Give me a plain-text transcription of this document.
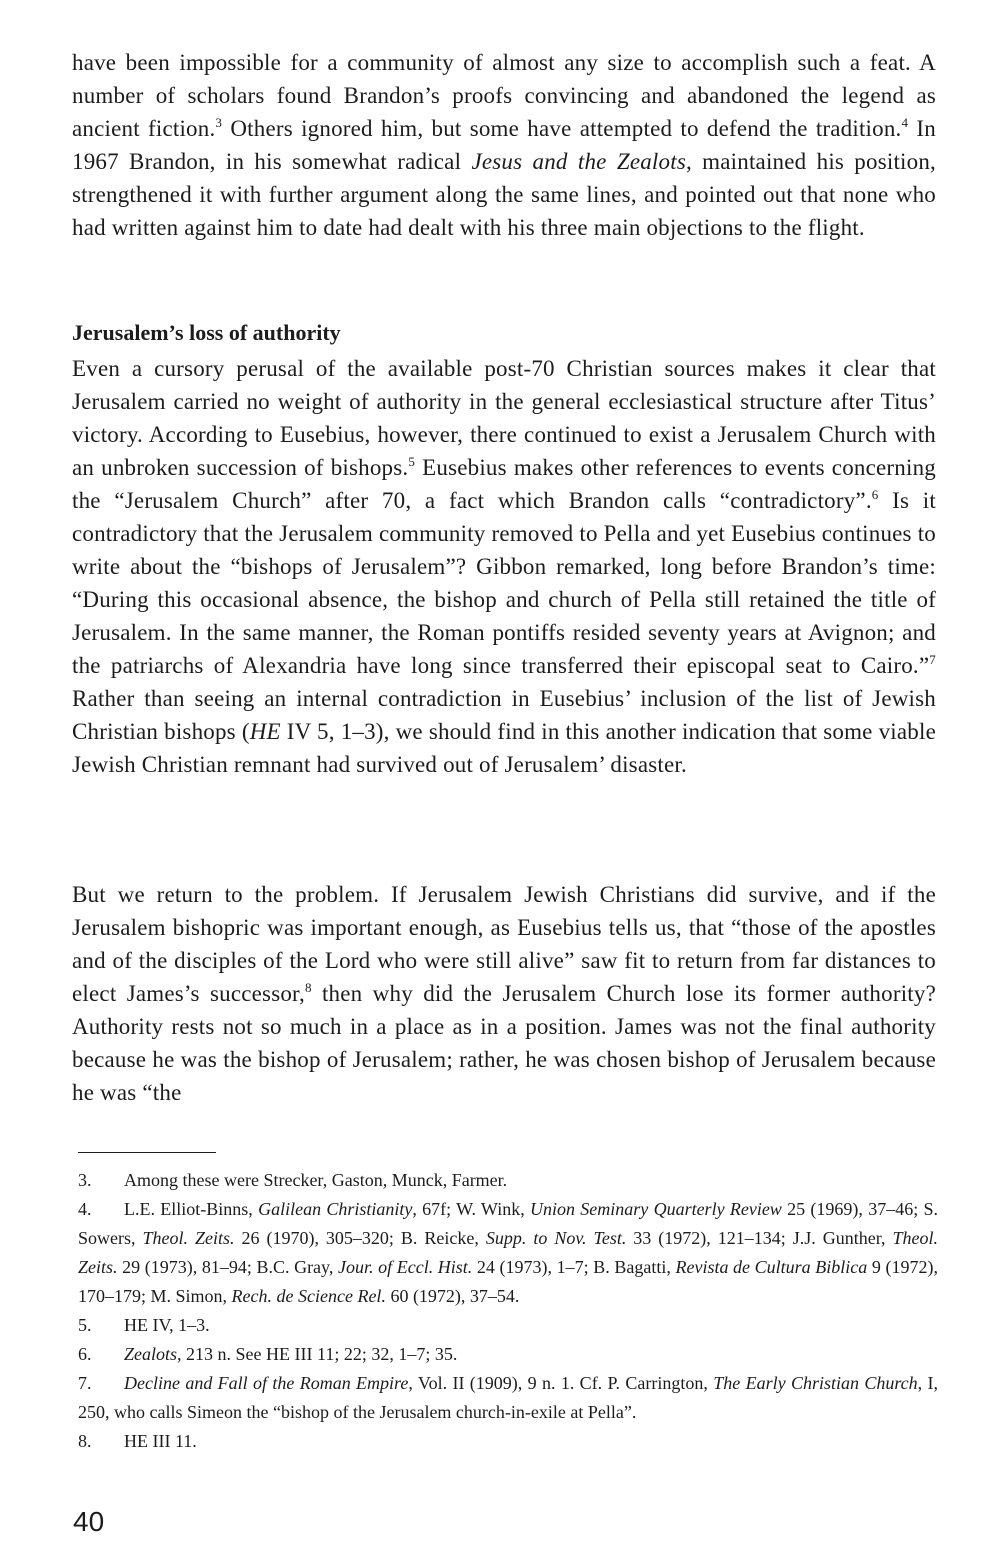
have been impossible for a community of almost any size to accomplish such a feat. A number of scholars found Brandon’s proofs convincing and abandoned the legend as ancient fiction.$^3$ Others ignored him, but some have attempted to defend the tradition.$^4$ In 1967 Brandon, in his somewhat radical Jesus and the Zealots, maintained his position, strengthened it with further argument along the same lines, and pointed out that none who had written against him to date had dealt with his three main objections to the flight.

Jerusalem’s loss of authority

Even a cursory perusal of the available post-70 Christian sources makes it clear that Jerusalem carried no weight of authority in the general ecclesiastical structure after Titus’ victory. According to Eusebius, however, there continued to exist a Jerusalem Church with an unbroken succession of bishops.$^5$ Eusebius makes other references to events concerning the “Jerusalem Church” after 70, a fact which Brandon calls “contradictory”.$^6$ Is it contradictory that the Jerusalem community removed to Pella and yet Eusebius continues to write about the “bishops of Jerusalem”? Gibbon remarked, long before Brandon’s time: “During this occasional absence, the bishop and church of Pella still retained the title of Jerusalem. In the same manner, the Roman pontiffs resided seventy years at Avignon; and the patriarchs of Alexandria have long since transferred their episcopal seat to Cairo.”$^7$ Rather than seeing an internal contradiction in Eusebius’ inclusion of the list of Jewish Christian bishops (HE IV 5, 1–3), we should find in this another indication that some viable Jewish Christian remnant had survived out of Jerusalem’ disaster.

But we return to the problem. If Jerusalem Jewish Christians did survive, and if the Jerusalem bishopric was important enough, as Eusebius tells us, that “those of the apostles and of the disciples of the Lord who were still alive” saw fit to return from far distances to elect James’s successor,$^8$ then why did the Jerusalem Church lose its former authority? Authority rests not so much in a place as in a position. James was not the final authority because he was the bishop of Jerusalem; rather, he was chosen bishop of Jerusalem because he was “the

3. Among these were Strecker, Gaston, Munck, Farmer.

4. L.E. Elliot-Binns, Galilean Christianity, 67f; W. Wink, Union Seminary Quarterly Review 25 (1969), 37–46; S. Sowers, Theol. Zeits. 26 (1970), 305–320; B. Reicke, Supp. to Nov. Test. 33 (1972), 121–134; J.J. Gunther, Theol. Zeits. 29 (1973), 81–94; B.C. Gray, Jour. of Eccl. Hist. 24 (1973), 1–7; B. Bagatti, Revista de Cultura Biblica 9 (1972), 170–179; M. Simon, Rech. de Science Rel. 60 (1972), 37–54.

5. HE IV, 1–3.

6. Zealots, 213 n. See HE III 11; 22; 32, 1–7; 35.

7. Decline and Fall of the Roman Empire, Vol. II (1909), 9 n. 1. Cf. P. Carrington, The Early Christian Church, I, 250, who calls Simeon the “bishop of the Jerusalem church-in-exile at Pella”.

8. HE III 11.

40
